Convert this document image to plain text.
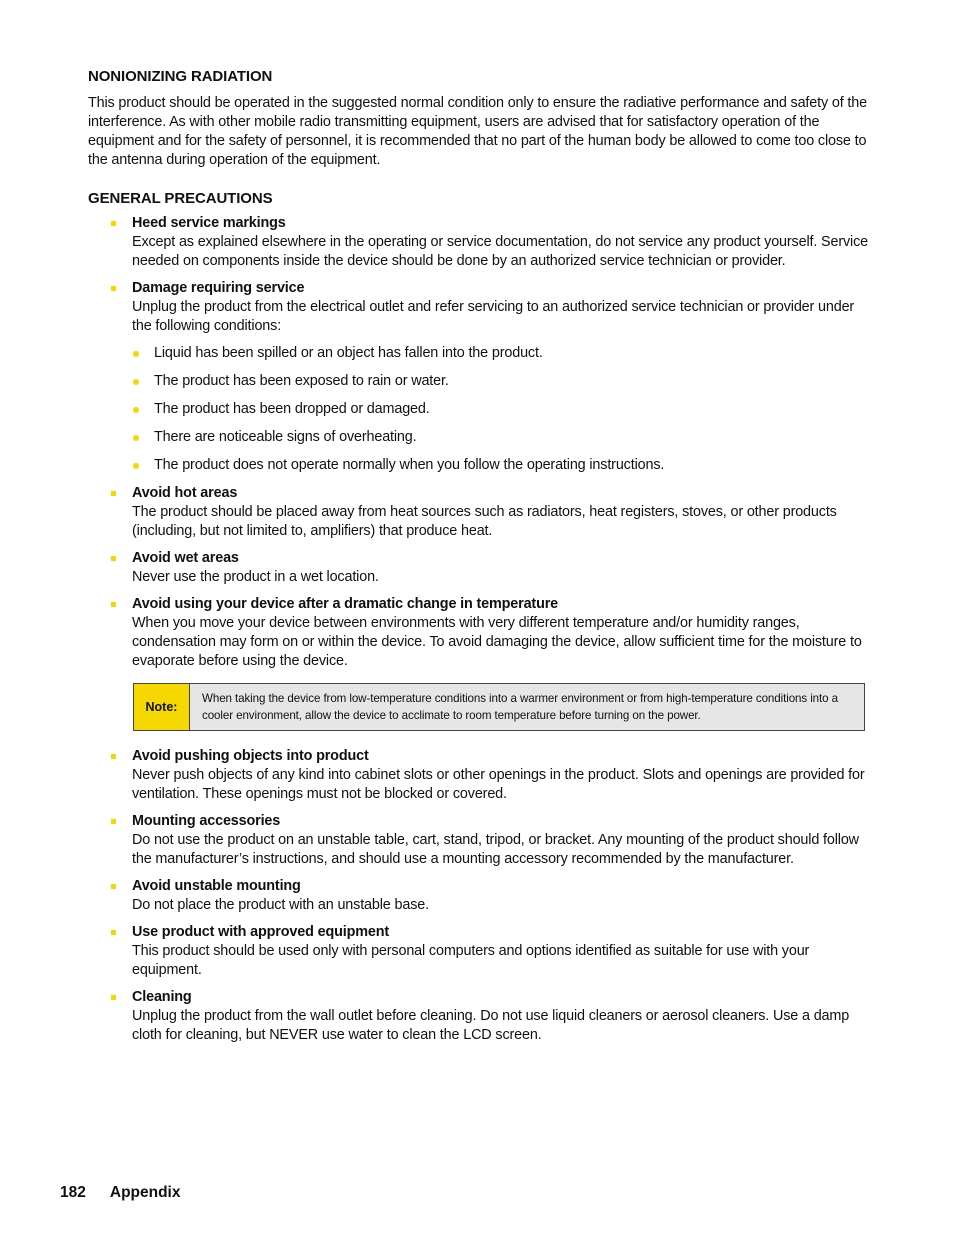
NONIONIZING RADIATION

This product should be operated in the suggested normal condition only to ensure the radiative performance and safety of the interference. As with other mobile radio transmitting equipment, users are advised that for satisfactory operation of the equipment and for the safety of personnel, it is recommended that no part of the human body be allowed to come too close to the antenna during operation of the equipment.

GENERAL PRECAUTIONS
Heed service markings
Except as explained elsewhere in the operating or service documentation, do not service any product yourself. Service needed on components inside the device should be done by an authorized service technician or provider.
Damage requiring service
Unplug the product from the electrical outlet and refer servicing to an authorized service technician or provider under the following conditions:
Liquid has been spilled or an object has fallen into the product.
The product has been exposed to rain or water.
The product has been dropped or damaged.
There are noticeable signs of overheating.
The product does not operate normally when you follow the operating instructions.
Avoid hot areas
The product should be placed away from heat sources such as radiators, heat registers, stoves, or other products (including, but not limited to, amplifiers) that produce heat.
Avoid wet areas
Never use the product in a wet location.
Avoid using your device after a dramatic change in temperature
When you move your device between environments with very different temperature and/or humidity ranges, condensation may form on or within the device. To avoid damaging the device, allow sufficient time for the moisture to evaporate before using the device.
Note:
When taking the device from low-temperature conditions into a warmer environment or from high-temperature conditions into a cooler environment, allow the device to acclimate to room temperature before turning on the power.
Avoid pushing objects into product
Never push objects of any kind into cabinet slots or other openings in the product. Slots and openings are provided for ventilation. These openings must not be blocked or covered.
Mounting accessories
Do not use the product on an unstable table, cart, stand, tripod, or bracket. Any mounting of the product should follow the manufacturer’s instructions, and should use a mounting accessory recommended by the manufacturer.
Avoid unstable mounting
Do not place the product with an unstable base.
Use product with approved equipment
This product should be used only with personal computers and options identified as suitable for use with your equipment.
Cleaning
Unplug the product from the wall outlet before cleaning. Do not use liquid cleaners or aerosol cleaners. Use a damp cloth for cleaning, but NEVER use water to clean the LCD screen.
182 Appendix
